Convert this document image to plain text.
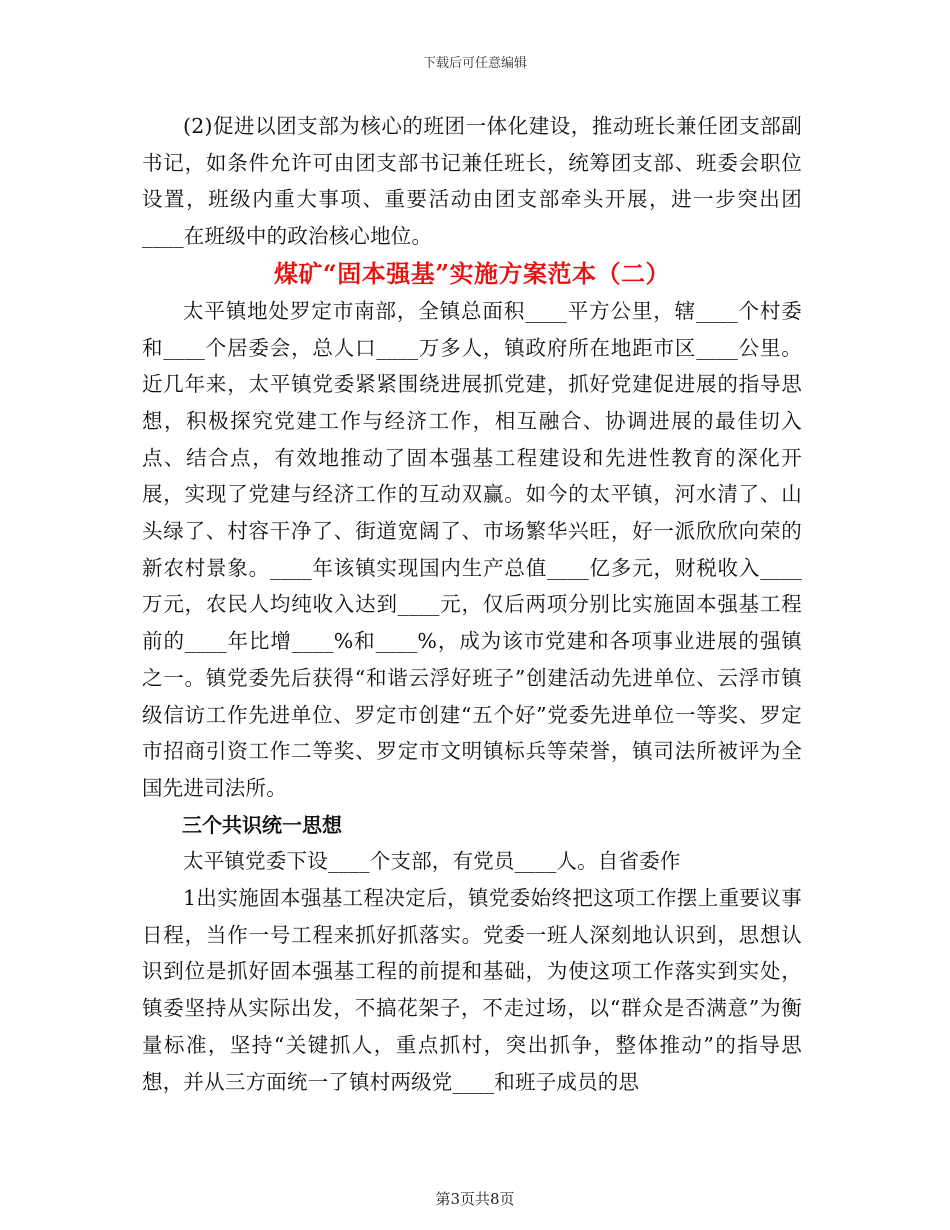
下载后可任意编辑

(2)促进以团支部为核心的班团一体化建设，推动班长兼任团支部副书记，如条件允许可由团支部书记兼任班长，统筹团支部、班委会职位设置，班级内重大事项、重要活动由团支部牵头开展，进一步突出团____在班级中的政治核心地位。

煤矿“固本强基”实施方案范本（二）

太平镇地处罗定市南部，全镇总面积____平方公里，辖____个村委和____个居委会，总人口____万多人，镇政府所在地距市区____公里。近几年来，太平镇党委紧紧围绕进展抓党建，抓好党建促进展的指导思想，积极探究党建工作与经济工作，相互融合、协调进展的最佳切入点、结合点，有效地推动了固本强基工程建设和先进性教育的深化开展，实现了党建与经济工作的互动双赢。如今的太平镇，河水清了、山头绿了、村容干净了、街道宽阔了、市场繁华兴旺，好一派欣欣向荣的新农村景象。____年该镇实现国内生产总值____亿多元，财税收入____万元，农民人均纯收入达到____元，仅后两项分别比实施固本强基工程前的____年比增____%和____%，成为该市党建和各项事业进展的强镇之一。镇党委先后获得“和谐云浮好班子”创建活动先进单位、云浮市镇级信访工作先进单位、罗定市创建“五个好”党委先进单位一等奖、罗定市招商引资工作二等奖、罗定市文明镇标兵等荣誉，镇司法所被评为全国先进司法所。

三个共识统一思想

太平镇党委下设____个支部，有党员____人。自省委作

1出实施固本强基工程决定后，镇党委始终把这项工作摆上重要议事日程，当作一号工程来抓好抓落实。党委一班人深刻地认识到，思想认识到位是抓好固本强基工程的前提和基础，为使这项工作落实到实处，镇委坚持从实际出发，不搞花架子，不走过场，以“群众是否满意”为衡量标准，坚持“关键抓人，重点抓村，突出抓争，整体推动”的指导思想，并从三方面统一了镇村两级党____和班子成员的思

第3页共8页
